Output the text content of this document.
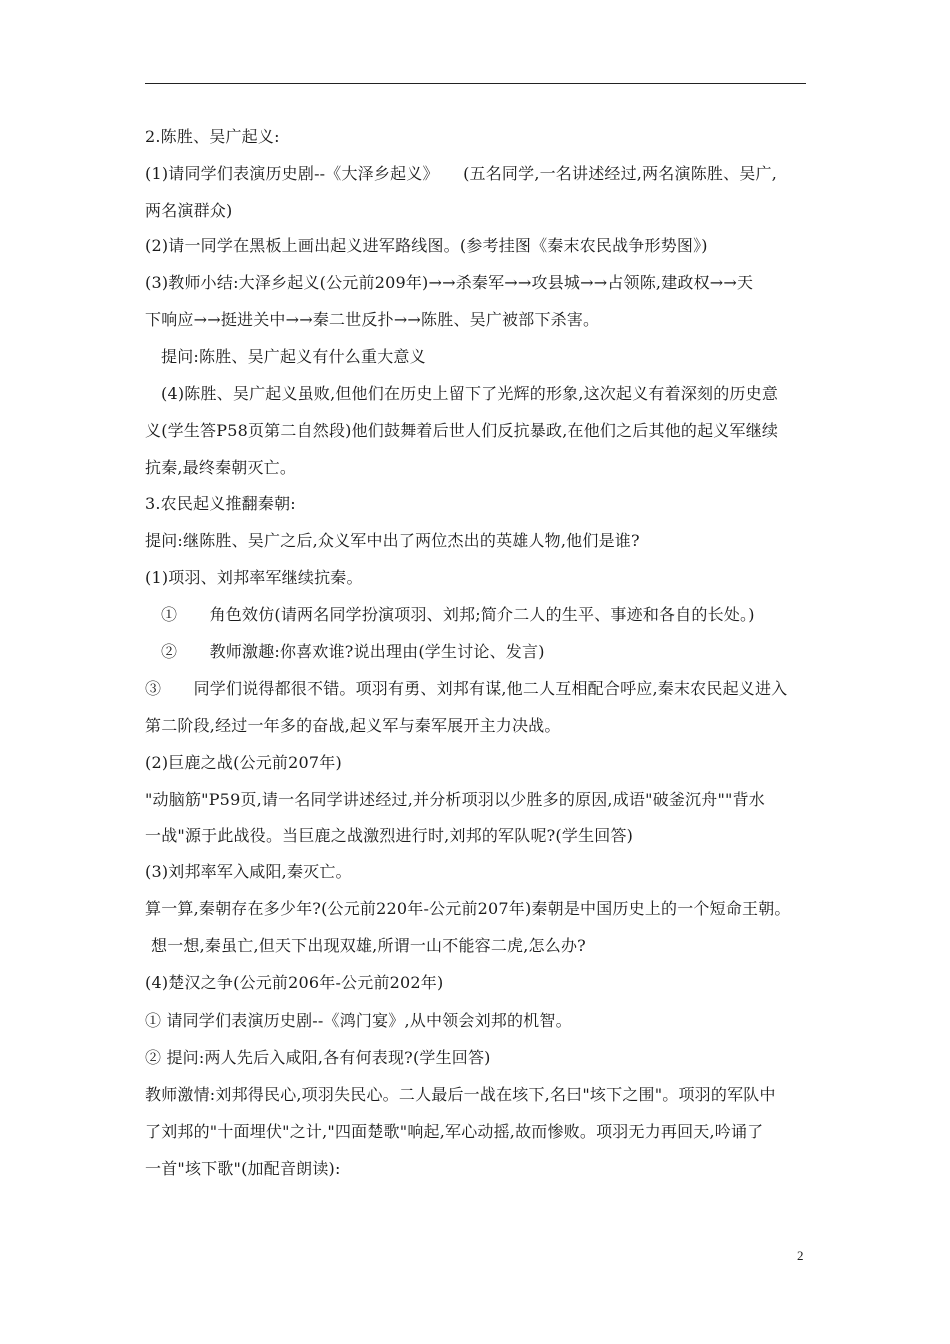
2.陈胜、吴广起义:
(1)请同学们表演历史剧--《大泽乡起义》　　(五名同学,一名讲述经过,两名演陈胜、吴广,
两名演群众)
(2)请一同学在黑板上画出起义进军路线图。(参考挂图《秦末农民战争形势图》)
(3)教师小结:大泽乡起义(公元前209年)→→杀秦军→→攻县城→→占领陈,建政权→→天
下响应→→挺进关中→→秦二世反扑→→陈胜、吴广被部下杀害。
提问:陈胜、吴广起义有什么重大意义
(4)陈胜、吴广起义虽败,但他们在历史上留下了光辉的形象,这次起义有着深刻的历史意
义(学生答P58页第二自然段)他们鼓舞着后世人们反抗暴政,在他们之后其他的起义军继续
抗秦,最终秦朝灭亡。
3.农民起义推翻秦朝:
提问:继陈胜、吴广之后,众义军中出了两位杰出的英雄人物,他们是谁?
(1)项羽、刘邦率军继续抗秦。
①　　角色效仿(请两名同学扮演项羽、刘邦;简介二人的生平、事迹和各自的长处。)
②　　教师激趣:你喜欢谁?说出理由(学生讨论、发言)
③　　同学们说得都很不错。项羽有勇、刘邦有谋,他二人互相配合呼应,秦末农民起义进入
第二阶段,经过一年多的奋战,起义军与秦军展开主力决战。
(2)巨鹿之战(公元前207年)
"动脑筋"P59页,请一名同学讲述经过,并分析项羽以少胜多的原因,成语"破釜沉舟""背水
一战"源于此战役。当巨鹿之战激烈进行时,刘邦的军队呢?(学生回答)
(3)刘邦率军入咸阳,秦灭亡。
算一算,秦朝存在多少年?(公元前220年-公元前207年)秦朝是中国历史上的一个短命王朝。
想一想,秦虽亡,但天下出现双雄,所谓一山不能容二虎,怎么办?
(4)楚汉之争(公元前206年-公元前202年)
① 请同学们表演历史剧--《鸿门宴》,从中领会刘邦的机智。
② 提问:两人先后入咸阳,各有何表现?(学生回答)
教师激情:刘邦得民心,项羽失民心。二人最后一战在垓下,名曰"垓下之围"。项羽的军队中
了刘邦的"十面埋伏"之计,"四面楚歌"响起,军心动摇,故而惨败。项羽无力再回天,吟诵了
一首"垓下歌"(加配音朗读):
2
